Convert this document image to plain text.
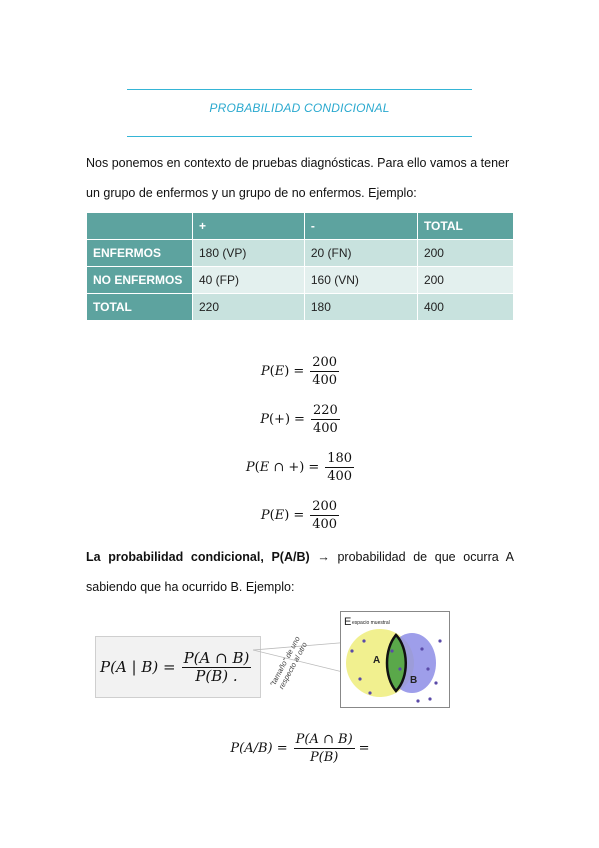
PROBABILIDAD CONDICIONAL
Nos ponemos en contexto de pruebas diagnósticas. Para ello vamos a tener
un grupo de enfermos y un grupo de no enfermos. Ejemplo:
	+	-	TOTAL
ENFERMOS	180 (VP)	20 (FN)	200
NO ENFERMOS	40 (FP)	160 (VN)	200
TOTAL	220	180	400
$P(E) = \frac{200}{400}$
$P(+) = \frac{220}{400}$
P(E ∩ +) = $\frac{180}{400}$
$P(E) = \frac{200}{400}$
La probabilidad condicional, P(A/B) → probabilidad de que ocurra A
sabiendo que ha ocurrido B. Ejemplo:
P(A | $B) = \frac{P(A \cap B)}{P(B) .}$	"tamaño" de uno respecto al otro
E espacio muestral
A
B
$P(A/B) = \frac{P(A \cap B)}{P(B)}$ =
